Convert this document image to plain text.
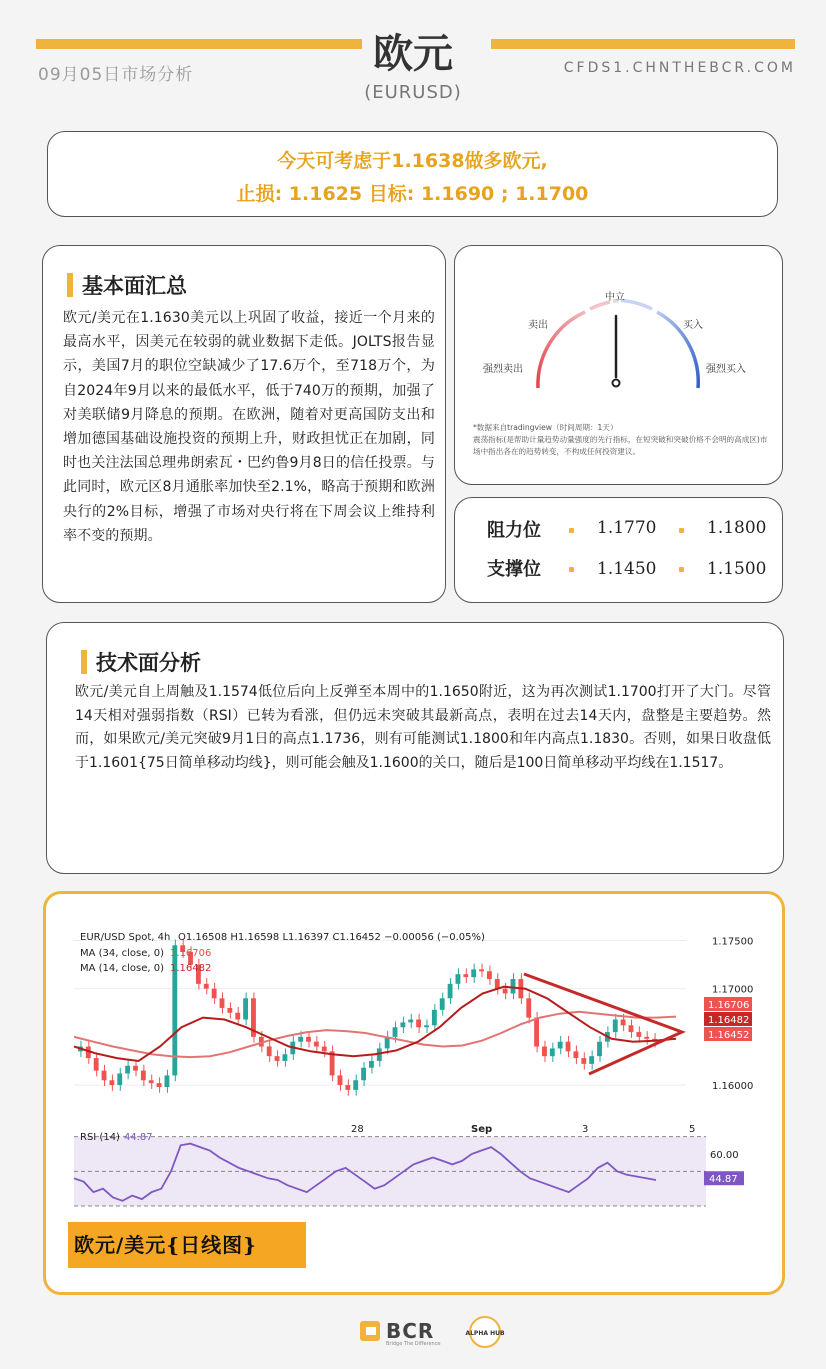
09月05日市场分析	欧元
(EURUSD)
CFDS1.CHNTHEBCR.COM
今天可考虑于1.1638做多欧元,
止损: 1.1625 目标: 1.1690 ; 1.1700
基本面汇总
欧元/美元在1.1630美元以上巩固了收益，接近一个月来的最高水平，因美元在较弱的就业数据下走低。JOLTS报告显示，美国7月的职位空缺减少了17.6万个，至718万个，为自2024年9月以来的最低水平，低于740万的预期，加强了对美联储9月降息的预期。在欧洲，随着对更高国防支出和增加德国基础设施投资的预期上升，财政担忧正在加剧，同时也关注法国总理弗朗索瓦・巴约鲁9月8日的信任投票。与此同时，欧元区8月通胀率加快至2.1%，略高于预期和欧洲央行的2%目标，增强了市场对央行将在下周会议上维持利率不变的预期。
中立
卖出	买入
强烈卖出	强烈买入
*数据来自tradingview（时间周期：1天）
震荡指标(是帮助计量趋势动量强度的先行指标，在短突破和突破价格不会明的高成区)市场中指出各在的趋势转变，不构成任何投资建议。
阻力位	1.1770	1.1800
支撑位	1.1450	1.1500
技术面分析
欧元/美元自上周触及1.1574低位后向上反弹至本周中的1.1650附近，这为再次测试1.1700打开了大门。尽管14天相对强弱指数（RSI）已转为看涨，但仍远未突破其最新高点，表明在过去14天内，盘整是主要趋势。然而，如果欧元/美元突破9月1日的高点1.1736，则有可能测试1.1800和年内高点1.1830。否则，如果日收盘低于1.1601{75日简单移动均线}，则可能会触及1.1600的关口，随后是100日简单移动平均线在1.1517。
1.17500
1.17000
1.16000
1.16706
1.16482
1.16452
28	Sep	3	5
60.00
44.87
EUR/USD Spot, 4h O1.16508 H1.16598 L1.16397 C1.16452 −0.00056 (−0.05%)
MA (34, close, 0) 1.16706
MA (14, close, 0) 1.16482
RSI (14) 44.87
欧元/美元{日线图}
BCR
Bridge The Difference
ALPHA HUB
